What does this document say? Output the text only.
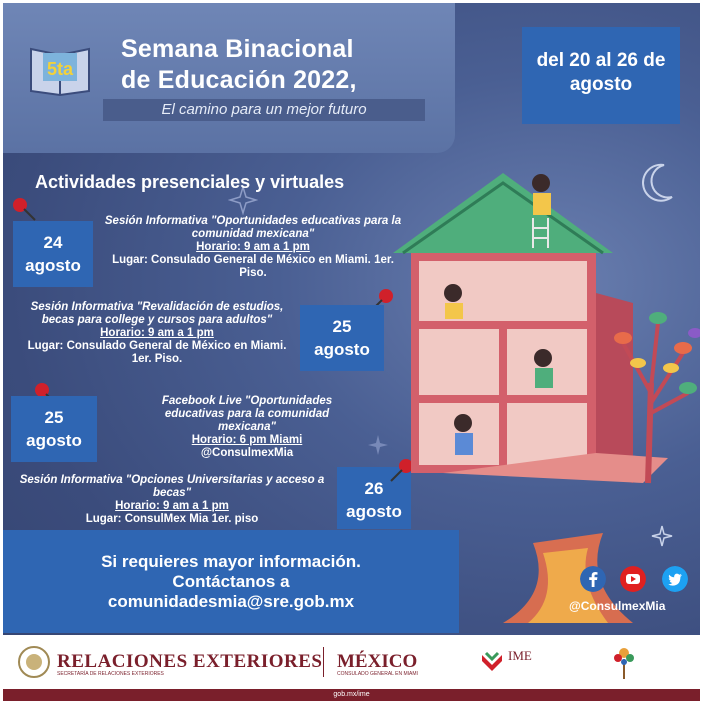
5ta
Semana Binacional
de Educación 2022,
El camino para un mejor futuro
del 20 al 26 de agosto
Actividades presenciales y virtuales
24
agosto
Sesión Informativa "Oportunidades educativas para la comunidad mexicana"
Horario: 9 am a 1 pm
Lugar: Consulado General de México en Miami. 1er. Piso.
Sesión Informativa "Revalidación de estudios, becas para college y cursos para adultos"
Horario: 9 am a 1 pm
Lugar: Consulado General de México en Miami. 1er. Piso.
25
agosto
25
agosto
Facebook Live "Oportunidades educativas para la comunidad mexicana"
Horario: 6 pm Miami
@ConsulmexMia
Sesión Informativa "Opciones Universitarias y acceso a becas"
Horario: 9 am a 1 pm
Lugar: ConsulMex Mia 1er. piso
26
agosto
Si requieres mayor información.
Contáctanos a
comunidadesmia@sre.gob.mx	@ConsulmexMia
RELACIONES EXTERIORES
SECRETARÍA DE RELACIONES EXTERIORES
MÉXICO
CONSULADO GENERAL EN MIAMI
IME
gob.mx/ime
